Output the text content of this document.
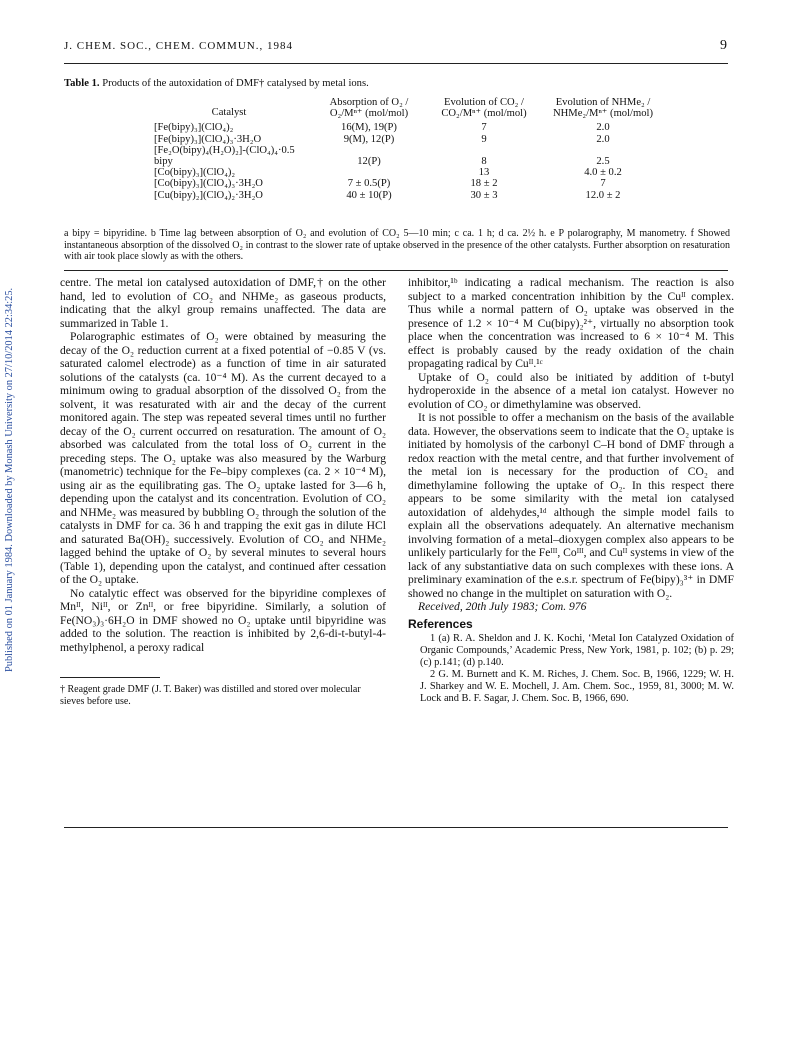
J. CHEM. SOC., CHEM. COMMUN., 1984	9
Published on 01 January 1984. Downloaded by Monash University on 27/10/2014 22:34:25.
Table 1. Products of the autoxidation of DMF† catalysed by metal ions.
Catalyst	Absorption of O₂ / O₂/Mⁿ⁺ (mol/mol)	Evolution of CO₂ / CO₂/Mⁿ⁺ (mol/mol)	Evolution of NHMe₂ / NHMe₂/Mⁿ⁺ (mol/mol)
[Fe(bipy)₃](ClO₄)₂	16(M), 19(P)	7	2.0
[Fe(bipy)₃](ClO₄)₃·3H₂O	9(M), 12(P)	9	2.0
[Fe₂O(bipy)₄(H₂O)₂]-(ClO₄)₄·0.5 bipy	12(P)	8	2.5
[Co(bipy)₃](ClO₄)₂		13	4.0 ± 0.2
[Co(bipy)₃](ClO₄)₃·3H₂O	7 ± 0.5(P)	18 ± 2	7
[Cu(bipy)₂](ClO₄)₂·3H₂O	40 ± 10(P)	30 ± 3	12.0 ± 2
a bipy = bipyridine. b Time lag between absorption of O₂ and evolution of CO₂ 5—10 min; c ca. 1 h; d ca. 2½ h. e P polarography, M manometry. f Showed instantaneous absorption of the dissolved O₂ in contrast to the slower rate of uptake observed in the presence of the other catalysts. Further absorption on resaturation with air took place slowly as with the others.

centre. The metal ion catalysed autoxidation of DMF,† on the other hand, led to evolution of CO₂ and NHMe₂ as gaseous products, indicating that the alkyl group remains unaffected. The data are summarized in Table 1.

Polarographic estimates of O₂ were obtained by measuring the decay of the O₂ reduction current at a fixed potential of −0.85 V (vs. saturated calomel electrode) as a function of time in air saturated solutions of the catalysts (ca. 10⁻⁴ M). As the current decayed to a minimum owing to gradual absorption of the dissolved O₂ from the solvent, it was resaturated with air and the decay of the current monitored again. The step was repeated several times until no further decay of the O₂ current occurred on resaturation. The amount of O₂ absorbed was calculated from the total loss of O₂ current in the preceding steps. The O₂ uptake was also measured by the Warburg (manometric) technique for the Fe–bipy complexes (ca. 2 × 10⁻⁴ M), using air as the equilibrating gas. The O₂ uptake lasted for 3—6 h, depending upon the catalyst and its concentration. Evolution of CO₂ and NHMe₂ was measured by bubbling O₂ through the solution of the catalysts in DMF for ca. 36 h and trapping the exit gas in dilute HCl and saturated Ba(OH)₂ successively. Evolution of CO₂ and NHMe₂ lagged behind the uptake of O₂ by several minutes to several hours (Table 1), depending upon the catalyst, and continued after cessation of the O₂ uptake.

No catalytic effect was observed for the bipyridine complexes of Mnᴵᴵ, Niᴵᴵ, or Znᴵᴵ, or free bipyridine. Similarly, a solution of Fe(NO₃)₃·6H₂O in DMF showed no O₂ uptake until bipyridine was added to the solution. The reaction is inhibited by 2,6-di-t-butyl-4-methylphenol, a peroxy radical

† Reagent grade DMF (J. T. Baker) was distilled and stored over molecular sieves before use.

inhibitor,¹ᵇ indicating a radical mechanism. The reaction is also subject to a marked concentration inhibition by the Cuᴵᴵ complex. Thus while a normal pattern of O₂ uptake was observed in the presence of 1.2 × 10⁻⁴ M Cu(bipy)₂²⁺, virtually no absorption took place when the concentration was increased to 6 × 10⁻⁴ M. This effect is probably caused by the ready oxidation of the chain propagating radical by Cuᴵᴵ.¹ᶜ

Uptake of O₂ could also be initiated by addition of t-butyl hydroperoxide in the absence of a metal ion catalyst. However no evolution of CO₂ or dimethylamine was observed.

It is not possible to offer a mechanism on the basis of the available data. However, the observations seem to indicate that the O₂ uptake is initiated by homolysis of the carbonyl C–H bond of DMF through a redox reaction with the metal centre, and that further involvement of the metal ion is necessary for the production of CO₂ and dimethylamine following the uptake of O₂. In this respect there appears to be some similarity with the metal ion catalysed autoxidation of aldehydes,¹ᵈ although the simple model fails to explain all the observations adequately. An alternative mechanism involving formation of a metal–dioxygen complex also appears to be unlikely particularly for the Feᴵᴵᴵ, Coᴵᴵᴵ, and Cuᴵᴵ systems in view of the lack of any substantiative data on such complexes with these ions. A preliminary examination of the e.s.r. spectrum of Fe(bipy)₃³⁺ in DMF showed no change in the multiplet on saturation with O₂.

Received, 20th July 1983; Com. 976

References

1 (a) R. A. Sheldon and J. K. Kochi, ‘Metal Ion Catalyzed Oxidation of Organic Compounds,’ Academic Press, New York, 1981, p. 102; (b) p. 29; (c) p.141; (d) p.140.

2 G. M. Burnett and K. M. Riches, J. Chem. Soc. B, 1966, 1229; W. H. J. Sharkey and W. E. Mochell, J. Am. Chem. Soc., 1959, 81, 3000; M. W. Lock and B. F. Sagar, J. Chem. Soc. B, 1966, 690.
